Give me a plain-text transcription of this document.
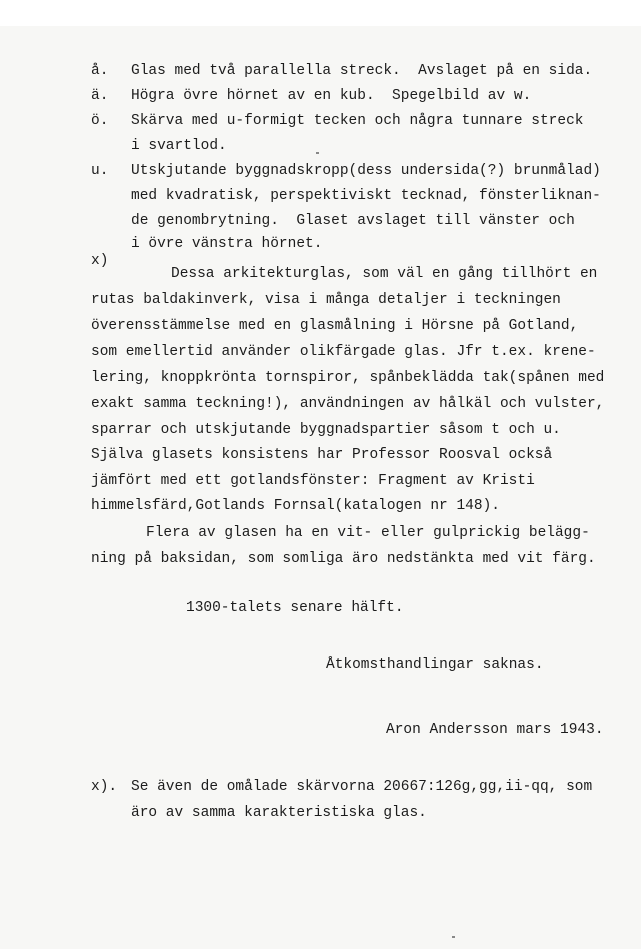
å. Glas med två parallella streck.  Avslaget på en sida.
ä. Högra övre hörnet av en kub.  Spegelbild av w.
ö. Skärva med u-formigt tecken och några tunnare streck
i svartlod.
u. Utskjutande byggnadskropp(dess undersida(?) brunmålad)
med kvadratisk, perspektiviskt tecknad, fönsterliknan-
de genombrytning.  Glaset avslaget till vänster och
i övre vänstra hörnet.
x)
Dessa arkitekturglas, som väl en gång tillhört en
rutas baldakinverk, visa i många detaljer i teckningen
överensstämmelse med en glasmålning i Hörsne på Gotland,
som emellertid använder olikfärgade glas. Jfr t.ex. krene-
lering, knoppkrönta tornspiror, spånbeklädda tak(spånen med
exakt samma teckning!), användningen av hålkäl och vulster,
sparrar och utskjutande byggnadspartier såsom t och u.
Själva glasets konsistens har Professor Roosval också
jämfört med ett gotlandsfönster: Fragment av Kristi
himmelsfärd,Gotlands Fornsal(katalogen nr 148).
Flera av glasen ha en vit- eller gulprickig belägg-
ning på baksidan, som somliga äro nedstänkta med vit färg.
1300-talets senare hälft.
Åtkomsthandlingar saknas.
Aron Andersson mars 1943.
x). Se även de omålade skärvorna 20667:126g,gg,ii-qq, som
äro av samma karakteristiska glas.
